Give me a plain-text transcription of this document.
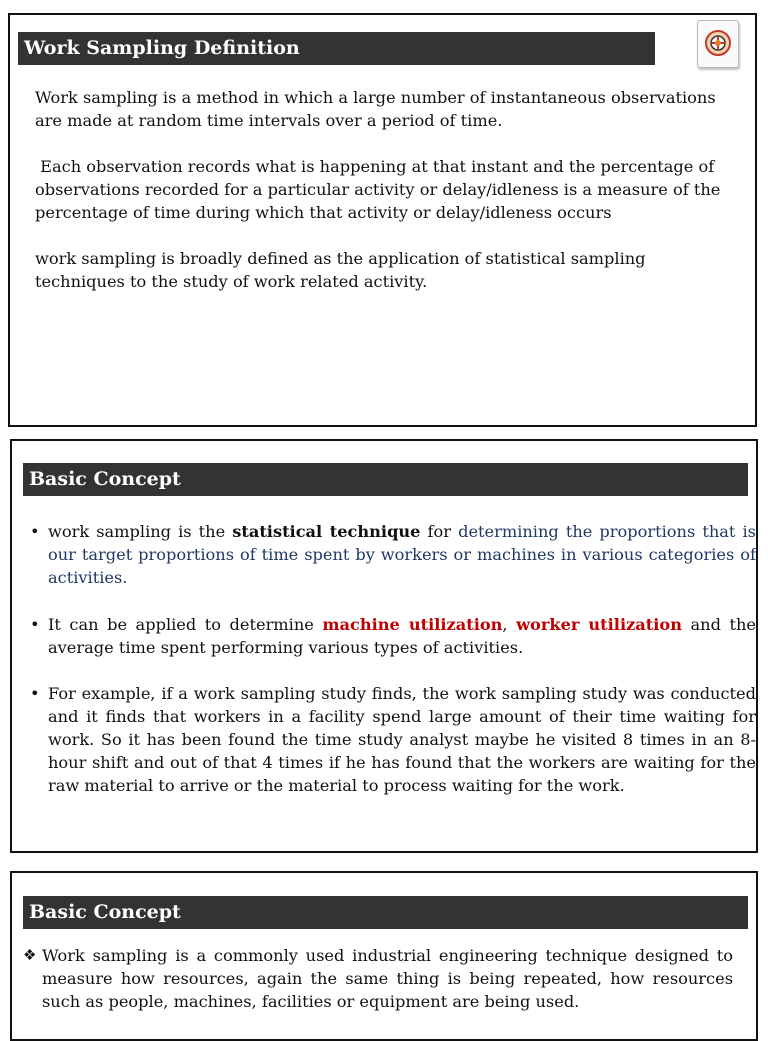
Work Sampling Definition
Work sampling is a method in which a large number of instantaneous observations are made at random time intervals over a period of time.
Each observation records what is happening at that instant and the percentage of observations recorded for a particular activity or delay/idleness is a measure of the percentage of time during which that activity or delay/idleness occurs
work sampling is broadly defined as the application of statistical sampling techniques to the study of work related activity.
Basic Concept
• work sampling is the statistical technique for determining the proportions that is our target proportions of time spent by workers or machines in various categories of activities.
• It can be applied to determine machine utilization, worker utilization and the average time spent performing various types of activities.
• For example, if a work sampling study finds, the work sampling study was conducted and it finds that workers in a facility spend large amount of their time waiting for work. So it has been found the time study analyst maybe he visited 8 times in an 8-hour shift and out of that 4 times if he has found that the workers are waiting for the raw material to arrive or the material to process waiting for the work.
Basic Concept
❖ Work sampling is a commonly used industrial engineering technique designed to measure how resources, again the same thing is being repeated, how resources such as people, machines, facilities or equipment are being used.
